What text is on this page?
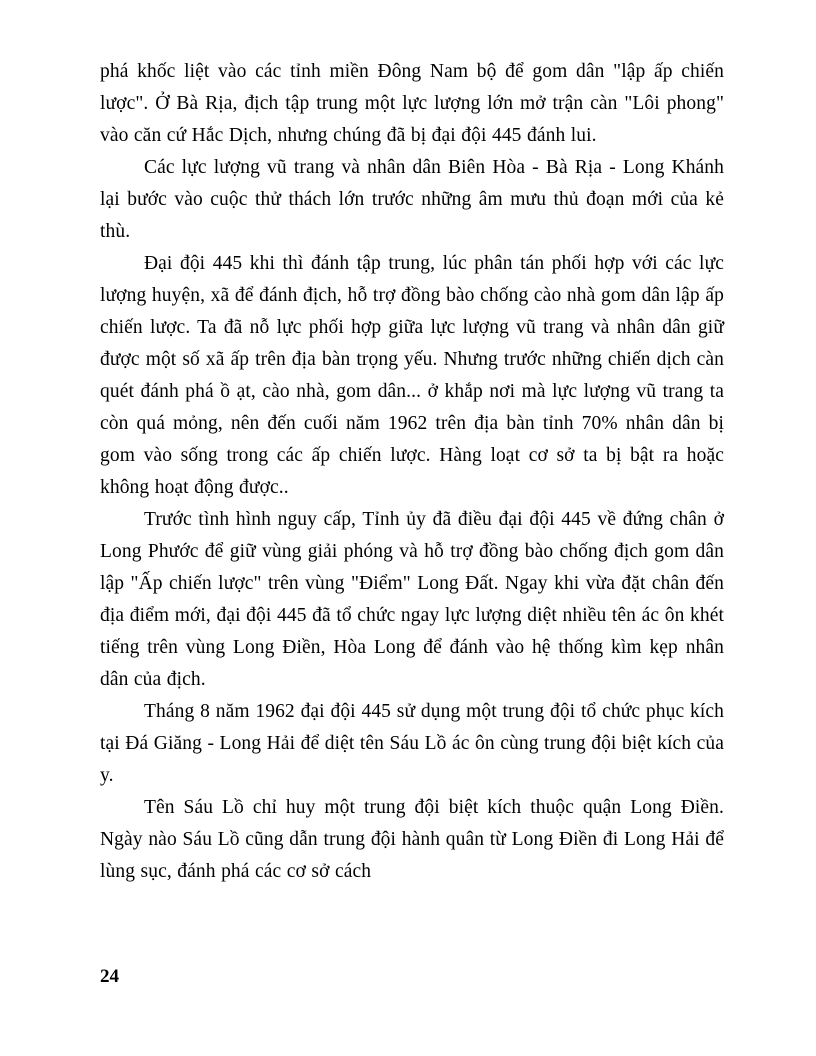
phá khốc liệt vào các tỉnh miền Đông Nam bộ để gom dân "lập ấp chiến lược". Ở Bà Rịa, địch tập trung một lực lượng lớn mở trận càn "Lôi phong" vào căn cứ Hắc Dịch, nhưng chúng đã bị đại đội 445 đánh lui.

Các lực lượng vũ trang và nhân dân Biên Hòa - Bà Rịa - Long Khánh lại bước vào cuộc thử thách lớn trước những âm mưu thủ đoạn mới của kẻ thù.

Đại đội 445 khi thì đánh tập trung, lúc phân tán phối hợp với các lực lượng huyện, xã để đánh địch, hỗ trợ đồng bào chống cào nhà gom dân lập ấp chiến lược. Ta đã nỗ lực phối hợp giữa lực lượng vũ trang và nhân dân giữ được một số xã ấp trên địa bàn trọng yếu. Nhưng trước những chiến dịch càn quét đánh phá ồ ạt, cào nhà, gom dân... ở khắp nơi mà lực lượng vũ trang ta còn quá mỏng, nên đến cuối năm 1962 trên địa bàn tỉnh 70% nhân dân bị gom vào sống trong các ấp chiến lược. Hàng loạt cơ sở ta bị bật ra hoặc không hoạt động được..

Trước tình hình nguy cấp, Tỉnh ủy đã điều đại đội 445 về đứng chân ở Long Phước để giữ vùng giải phóng và hỗ trợ đồng bào chống địch gom dân lập "Ấp chiến lược" trên vùng "Điểm" Long Đất. Ngay khi vừa đặt chân đến địa điểm mới, đại đội 445 đã tổ chức ngay lực lượng diệt nhiều tên ác ôn khét tiếng trên vùng Long Điền, Hòa Long để đánh vào hệ thống kìm kẹp nhân dân của địch.

Tháng 8 năm 1962 đại đội 445 sử dụng một trung đội tổ chức phục kích tại Đá Giăng - Long Hải để diệt tên Sáu Lồ ác ôn cùng trung đội biệt kích của y.

Tên Sáu Lồ chỉ huy một trung đội biệt kích thuộc quận Long Điền. Ngày nào Sáu Lồ cũng dẫn trung đội hành quân từ Long Điền đi Long Hải để lùng sục, đánh phá các cơ sở cách

24
